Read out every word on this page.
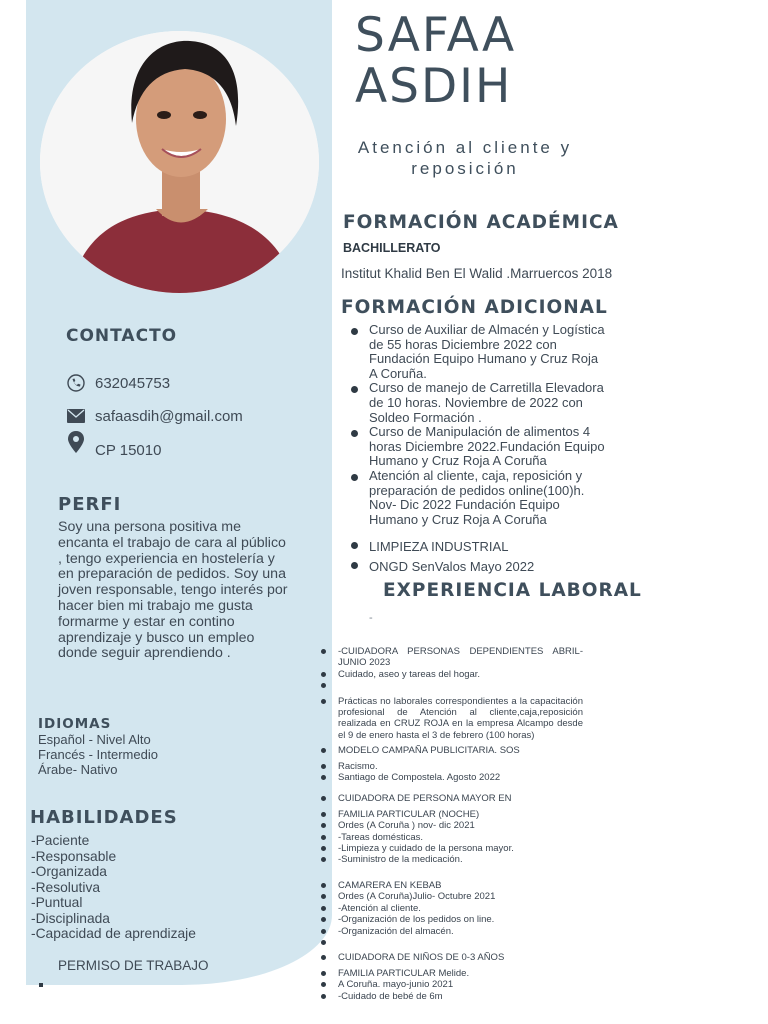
SAFAA
ASDIH
Atención al cliente y
reposición
CONTACTO
632045753
safaasdih@gmail.com
CP 15010
PERFI

Soy una persona positiva me encanta el trabajo de cara al público , tengo experiencia en hostelería y en preparación de pedidos. Soy una joven responsable, tengo interés por hacer bien mi trabajo me gusta formarme y estar en contino aprendizaje y busco un empleo donde seguir aprendiendo .

IDIOMAS
Español - Nivel Alto
Francés - Intermedio
Árabe- Nativo
HABILIDADES
-Paciente
-Responsable
-Organizada
-Resolutiva
-Puntual
-Disciplinada
-Capacidad de aprendizaje
PERMISO DE TRABAJO
FORMACIÓN ACADÉMICA
BACHILLERATO
Institut Khalid Ben El Walid .Marruercos 2018
FORMACIÓN ADICIONAL
Curso de Auxiliar de Almacén y Logística de 55 horas Diciembre 2022 con Fundación Equipo Humano y Cruz Roja A Coruña.
Curso de manejo de Carretilla Elevadora de 10 horas. Noviembre de 2022 con Soldeo Formación .
Curso de Manipulación de alimentos 4 horas Diciembre 2022.Fundación Equipo Humano y Cruz Roja A Coruña
Atención al cliente, caja, reposición y preparación de pedidos online(100)h. Nov- Dic 2022 Fundación Equipo Humano y Cruz Roja A Coruña
LIMPIEZA INDUSTRIAL
ONGD SenValos Mayo 2022
EXPERIENCIA LABORAL
-
-CUIDADORA PERSONAS DEPENDIENTES ABRIL-JUNIO 2023
Cuidado, aseo y tareas del hogar.
Prácticas no laborales correspondientes a la capacitación profesional de Atención al cliente,caja,reposición realizada en CRUZ ROJA en la empresa Alcampo desde el 9 de enero hasta el 3 de febrero (100 horas)
MODELO CAMPAÑA PUBLICITARIA. SOS
Racismo.
Santiago de Compostela. Agosto 2022
CUIDADORA DE PERSONA MAYOR EN
FAMILIA PARTICULAR (NOCHE)
Ordes (A Coruña ) nov- dic 2021
-Tareas domésticas.
-Limpieza y cuidado de la persona mayor.
-Suministro de la medicación.
CAMARERA EN KEBAB
Ordes (A Coruña)Julio- Octubre 2021
-Atención al cliente.
-Organización de los pedidos on line.
-Organización del almacén.
CUIDADORA DE NIÑOS DE 0-3 AÑOS
FAMILIA PARTICULAR Melide.
A Coruña. mayo-junio 2021
-Cuidado de bebé de 6m
